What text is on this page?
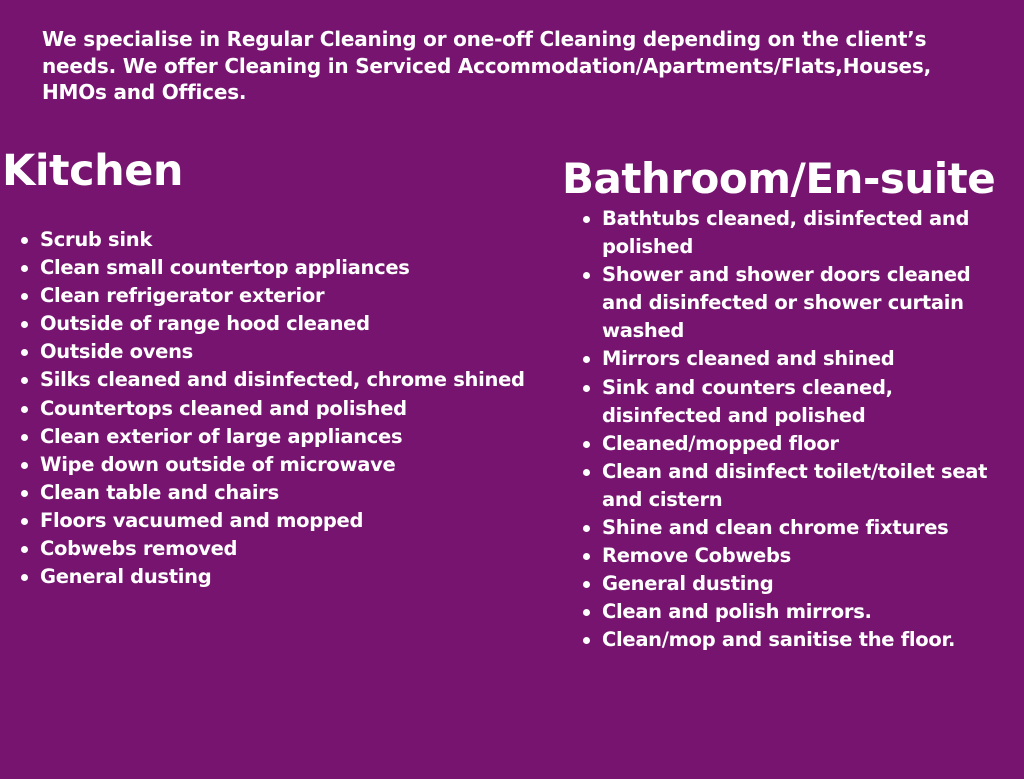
We specialise in Regular Cleaning or one-off Cleaning depending on the client’s needs. We offer Cleaning in Serviced Accommodation/Apartments/Flats,Houses, HMOs and Offices.

Kitchen
Scrub sink
Clean small countertop appliances
Clean refrigerator exterior
Outside of range hood cleaned
Outside ovens
Silks cleaned and disinfected, chrome shined
Countertops cleaned and polished
Clean exterior of large appliances
Wipe down outside of microwave
Clean table and chairs
Floors vacuumed and mopped
Cobwebs removed
General dusting
Bathroom/En-suite
Bathtubs cleaned, disinfected and polished
Shower and shower doors cleaned and disinfected or shower curtain washed
Mirrors cleaned and shined
Sink and counters cleaned, disinfected and polished
Cleaned/mopped floor
Clean and disinfect toilet/toilet seat and cistern
Shine and clean chrome fixtures
Remove Cobwebs
General dusting
Clean and polish mirrors.
Clean/mop and sanitise the floor.
